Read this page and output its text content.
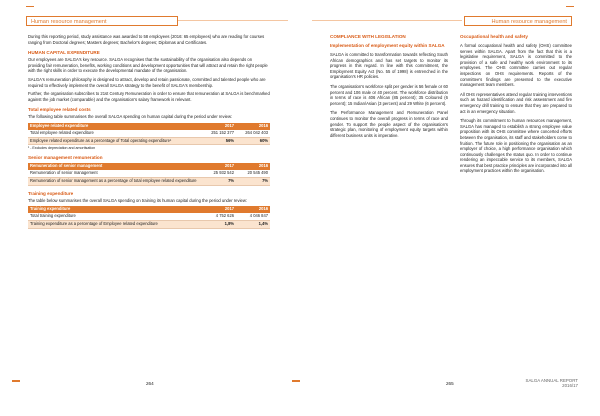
Human resource management
During this reporting period, study assistance was awarded to 58 employees (2016: 65 employees) who are reading for courses ranging from Doctoral degrees; Masters degrees; Bachelor's degrees; Diplomas and Certificates.
HUMAN CAPITAL EXPENDITURE
Our employees are SALGA's key resource. SALGA recognises that the sustainability of the organisation also depends on providing fair remuneration, benefits, working conditions and development opportunities that will attract and retain the right people with the right skills in order to execute the developmental mandate of the organisation.
SALGA's remuneration philosophy is designed to attract, develop and retain passionate, committed and talented people who are required to effectively implement the overall SALGA strategy to the benefit of SALGA's membership.
Further, the organisation subscribes to 21st Century Remuneration in order to ensure that remuneration at SALGA is benchmarked against the job market (comparable) and the organisation's salary framework is relevant.
Total employee related costs
The following table summarises the overall SALGA spending on human capital during the period under review:
Employee related expenditure	2017	2016
Total employee related expenditure	251 152 377	264 042 403
Employee related expenditure as a percentage of Total operating expenditure¹	56%	60%
¹ - Excludes depreciation and amortisation
Senior management remuneration
Remuneration of senior management	2017	2016
Remuneration of senior management	25 932 542	20 545 490
Remuneration of senior management as a percentage of total employee related expenditure	7%	7%
Training expenditure
The table below summarises the overall SALGA spending on training its human capital during the period under review:
Training expenditure	2017	2016
Total training expenditure	4 752 626	4 046 847
Training expenditure as a percentage of Employee related expenditure	1,8%	1,4%
264
Human resource management
COMPLIANCE WITH LEGISLATION
Implementation of employment equity within SALGA
SALGA is committed to transformation towards reflecting South African demographics and has set targets to monitor its progress in this regard. In line with this commitment, the Employment Equity Act (No. 55 of 1998) is entrenched in the organisation's HR policies.
The organisation's workforce split per gender is 56 female or 60 percent and 106 male or 40 percent. The workforce distribution in terms of race is 406 African (85 percent); 35 Coloured (6 percent); 15 Indian/Asian (3 percent) and 29 White (6 percent).
The Performance Management and Remuneration Panel continues to monitor the overall progress in terms of race and gender. To support the people aspect of the organisation's strategic plan, monitoring of employment equity targets within different business units is imperative.
Occupational health and safety
A formal occupational health and safety (OHS) committee serves within SALGA. Apart from the fact that this is a legislative requirement, SALGA is committed to the provision of a safe and healthy work environment to its employees. The OHS committee carries out regular inspections on OHS requirements. Reports of the committee's findings are presented to the executive management team members.
All OHS representatives attend regular training interventions such as hazard identification and risk assessment and fire emergency drill training to ensure that they are prepared to act in an emergency situation.
Through its commitment to human resources management, SALGA has managed to establish a strong employee value proposition with its OHS committee where concerted efforts between the organisation, its staff and stakeholders come to fruition. The future role in positioning the organisation as an employer of choice, a high performance organisation which continuously challenges the status quo. In order to continue rendering an impeccable service to its members, SALGA ensures that best practice principles are incorporated into all employment practices within the organisation.
265
SALGA ANNUAL REPORT
2016/17
